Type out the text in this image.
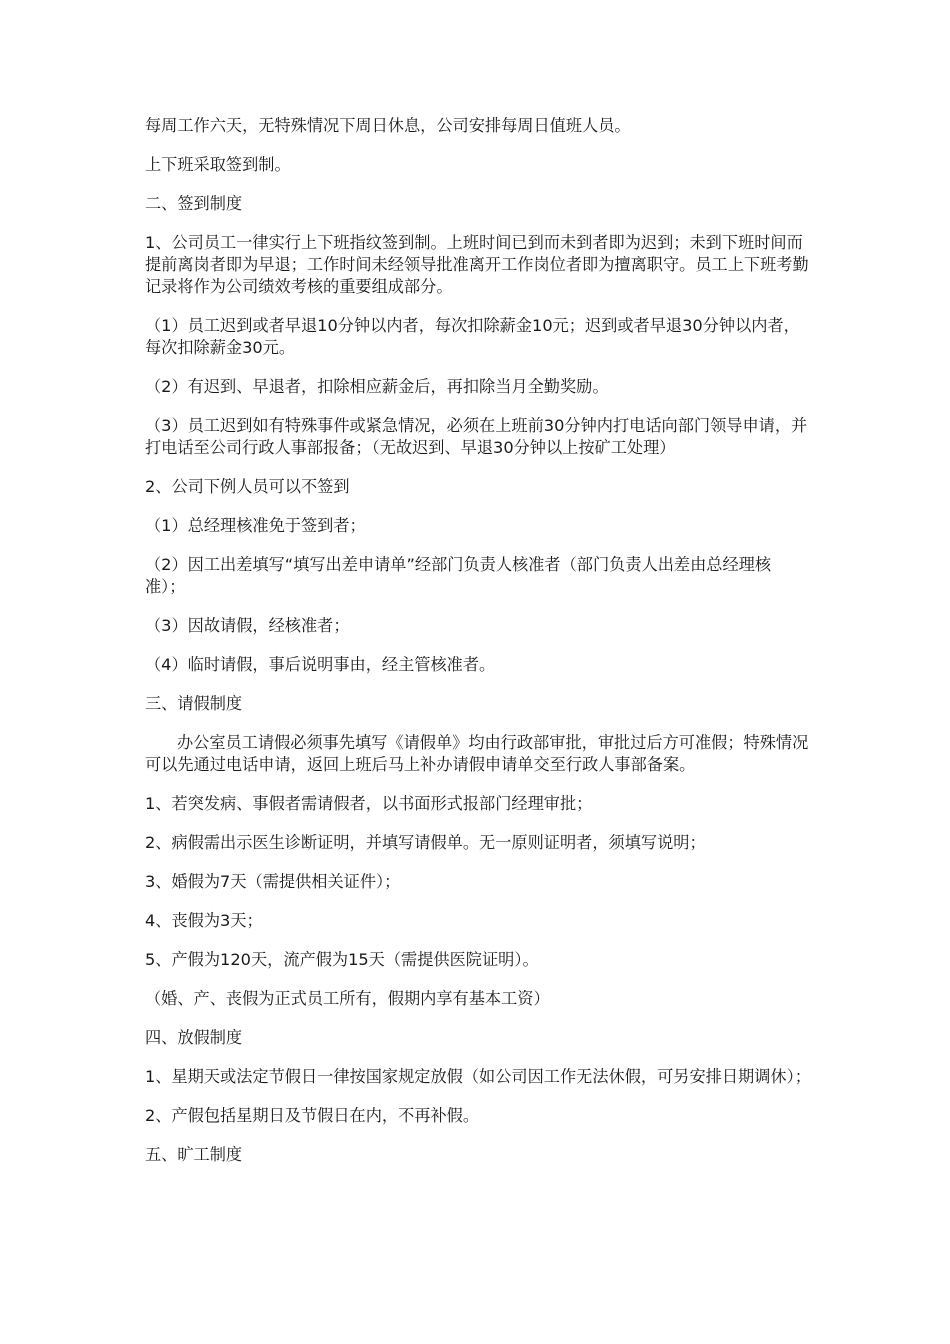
每周工作六天，无特殊情况下周日休息，公司安排每周日值班人员。

上下班采取签到制。

二、签到制度

1、公司员工一律实行上下班指纹签到制。上班时间已到而未到者即为迟到；未到下班时间而提前离岗者即为早退；工作时间未经领导批准离开工作岗位者即为擅离职守。员工上下班考勤记录将作为公司绩效考核的重要组成部分。

（1）员工迟到或者早退10分钟以内者，每次扣除薪金10元；迟到或者早退30分钟以内者，每次扣除薪金30元。

（2）有迟到、早退者，扣除相应薪金后，再扣除当月全勤奖励。

（3）员工迟到如有特殊事件或紧急情况，必须在上班前30分钟内打电话向部门领导申请，并打电话至公司行政人事部报备；（无故迟到、早退30分钟以上按矿工处理）

2、公司下例人员可以不签到

（1）总经理核准免于签到者；

（2）因工出差填写“填写出差申请单”经部门负责人核准者（部门负责人出差由总经理核准）；

（3）因故请假，经核准者；

（4）临时请假，事后说明事由，经主管核准者。

三、请假制度

办公室员工请假必须事先填写《请假单》均由行政部审批，审批过后方可准假；特殊情况可以先通过电话申请，返回上班后马上补办请假申请单交至行政人事部备案。

1、若突发病、事假者需请假者，以书面形式报部门经理审批；

2、病假需出示医生诊断证明，并填写请假单。无一原则证明者，须填写说明；

3、婚假为7天（需提供相关证件）；

4、丧假为3天；

5、产假为120天，流产假为15天（需提供医院证明）。

（婚、产、丧假为正式员工所有，假期内享有基本工资）

四、放假制度

1、星期天或法定节假日一律按国家规定放假（如公司因工作无法休假，可另安排日期调休）；

2、产假包括星期日及节假日在内，不再补假。

五、旷工制度
